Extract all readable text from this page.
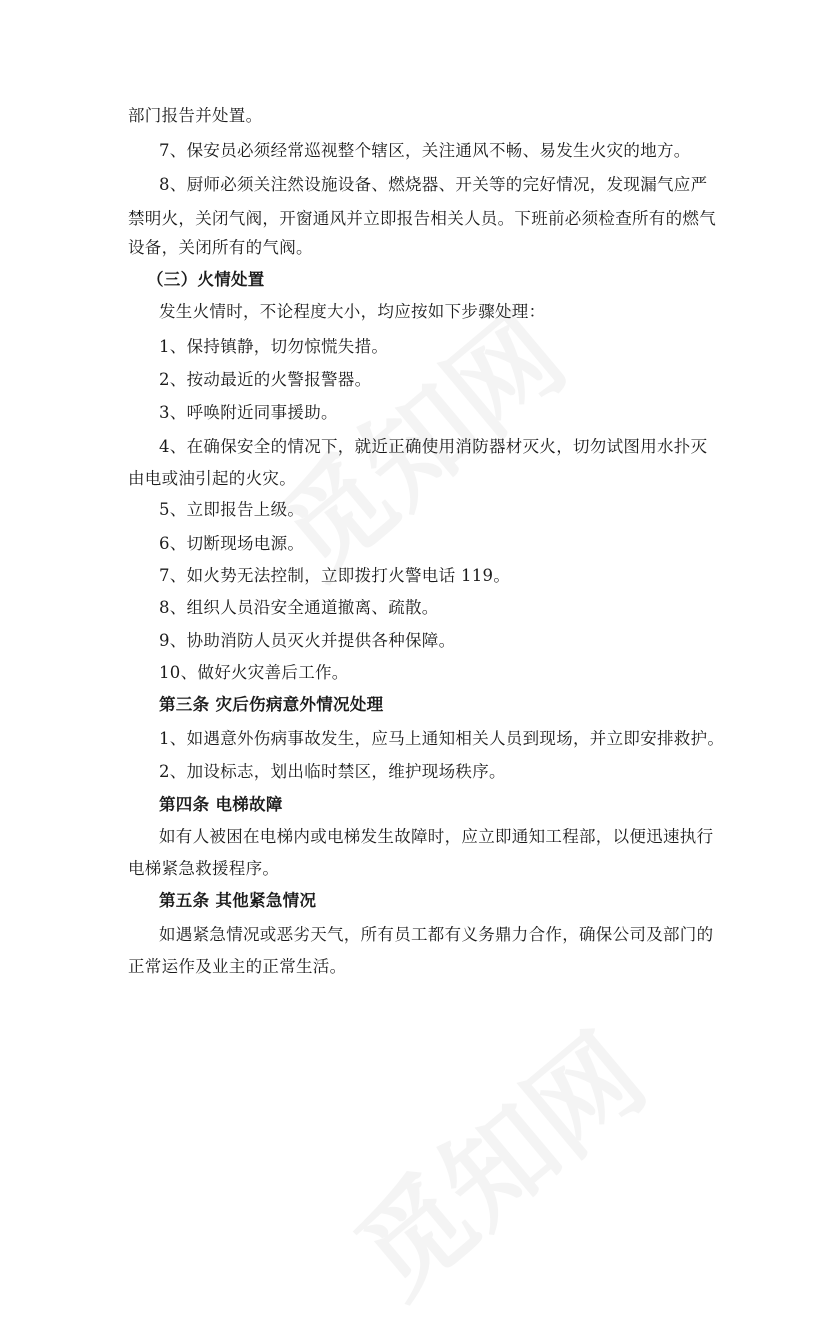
部门报告并处置。
7、保安员必须经常巡视整个辖区，关注通风不畅、易发生火灾的地方。
8、厨师必须关注然设施设备、燃烧器、开关等的完好情况，发现漏气应严
禁明火，关闭气阀，开窗通风并立即报告相关人员。下班前必须检查所有的燃气
设备，关闭所有的气阀。
（三）火情处置
发生火情时，不论程度大小，均应按如下步骤处理：
1、保持镇静，切勿惊慌失措。
2、按动最近的火警报警器。
3、呼唤附近同事援助。
4、在确保安全的情况下，就近正确使用消防器材灭火，切勿试图用水扑灭
由电或油引起的火灾。
5、立即报告上级。
6、切断现场电源。
7、如火势无法控制，立即拨打火警电话 119。
8、组织人员沿安全通道撤离、疏散。
9、协助消防人员灭火并提供各种保障。
10、做好火灾善后工作。
第三条 灾后伤病意外情况处理
1、如遇意外伤病事故发生，应马上通知相关人员到现场，并立即安排救护。
2、加设标志，划出临时禁区，维护现场秩序。
第四条 电梯故障
如有人被困在电梯内或电梯发生故障时，应立即通知工程部，以便迅速执行
电梯紧急救援程序。
第五条 其他紧急情况
如遇紧急情况或恶劣天气，所有员工都有义务鼎力合作，确保公司及部门的
正常运作及业主的正常生活。
